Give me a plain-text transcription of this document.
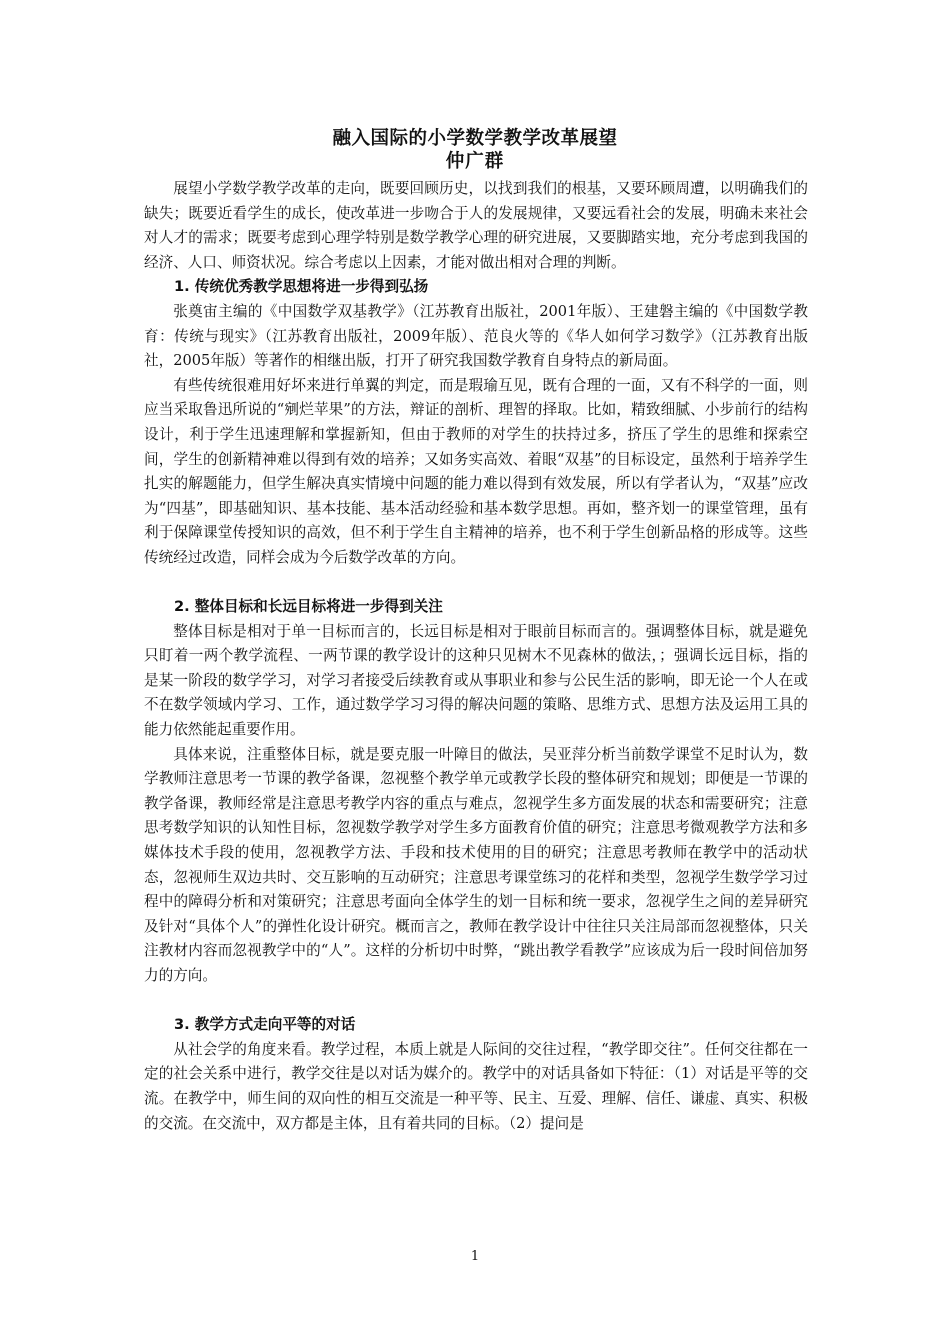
融入国际的小学数学教学改革展望
仲广群

展望小学数学教学改革的走向，既要回顾历史，以找到我们的根基，又要环顾周遭，以明确我们的缺失；既要近看学生的成长，使改革进一步吻合于人的发展规律，又要远看社会的发展，明确未来社会对人才的需求；既要考虑到心理学特别是数学教学心理的研究进展，又要脚踏实地，充分考虑到我国的经济、人口、师资状况。综合考虑以上因素，才能对做出相对合理的判断。

1. 传统优秀教学思想将进一步得到弘扬

张奠宙主编的《中国数学双基教学》（江苏教育出版社，2001年版）、王建磐主编的《中国数学教育：传统与现实》（江苏教育出版社，2009年版）、范良火等的《华人如何学习数学》（江苏教育出版社，2005年版）等著作的相继出版，打开了研究我国数学教育自身特点的新局面。

有些传统很难用好坏来进行单翼的判定，而是瑕瑜互见，既有合理的一面，又有不科学的一面，则应当采取鲁迅所说的“剜烂苹果”的方法，辩证的剖析、理智的择取。比如，精致细腻、小步前行的结构设计，利于学生迅速理解和掌握新知，但由于教师的对学生的扶持过多，挤压了学生的思维和探索空间，学生的创新精神难以得到有效的培养；又如务实高效、着眼“双基”的目标设定，虽然利于培养学生扎实的解题能力，但学生解决真实情境中问题的能力难以得到有效发展，所以有学者认为，“双基”应改为“四基”，即基础知识、基本技能、基本活动经验和基本数学思想。再如，整齐划一的课堂管理，虽有利于保障课堂传授知识的高效，但不利于学生自主精神的培养，也不利于学生创新品格的形成等。这些传统经过改造，同样会成为今后数学改革的方向。

2. 整体目标和长远目标将进一步得到关注

整体目标是相对于单一目标而言的，长远目标是相对于眼前目标而言的。强调整体目标，就是避免只盯着一两个教学流程、一两节课的教学设计的这种只见树木不见森林的做法，；强调长远目标，指的是某一阶段的数学学习，对学习者接受后续教育或从事职业和参与公民生活的影响，即无论一个人在或不在数学领域内学习、工作，通过数学学习习得的解决问题的策略、思维方式、思想方法及运用工具的能力依然能起重要作用。

具体来说，注重整体目标，就是要克服一叶障目的做法，吴亚萍分析当前数学课堂不足时认为，数学教师注意思考一节课的教学备课，忽视整个教学单元或教学长段的整体研究和规划；即便是一节课的教学备课，教师经常是注意思考教学内容的重点与难点，忽视学生多方面发展的状态和需要研究；注意思考数学知识的认知性目标，忽视数学教学对学生多方面教育价值的研究；注意思考微观教学方法和多媒体技术手段的使用，忽视教学方法、手段和技术使用的目的研究；注意思考教师在教学中的活动状态，忽视师生双边共时、交互影响的互动研究；注意思考课堂练习的花样和类型，忽视学生数学学习过程中的障碍分析和对策研究；注意思考面向全体学生的划一目标和统一要求，忽视学生之间的差异研究及针对“具体个人”的弹性化设计研究。概而言之，教师在教学设计中往往只关注局部而忽视整体，只关注教材内容而忽视教学中的“人”。这样的分析切中时弊，“跳出教学看教学”应该成为后一段时间倍加努力的方向。

3. 教学方式走向平等的对话

从社会学的角度来看。教学过程，本质上就是人际间的交往过程，“教学即交往”。任何交往都在一定的社会关系中进行，教学交往是以对话为媒介的。教学中的对话具备如下特征：（1）对话是平等的交流。在教学中，师生间的双向性的相互交流是一种平等、民主、互爱、理解、信任、谦虚、真实、积极的交流。在交流中，双方都是主体，且有着共同的目标。（2）提问是

1
